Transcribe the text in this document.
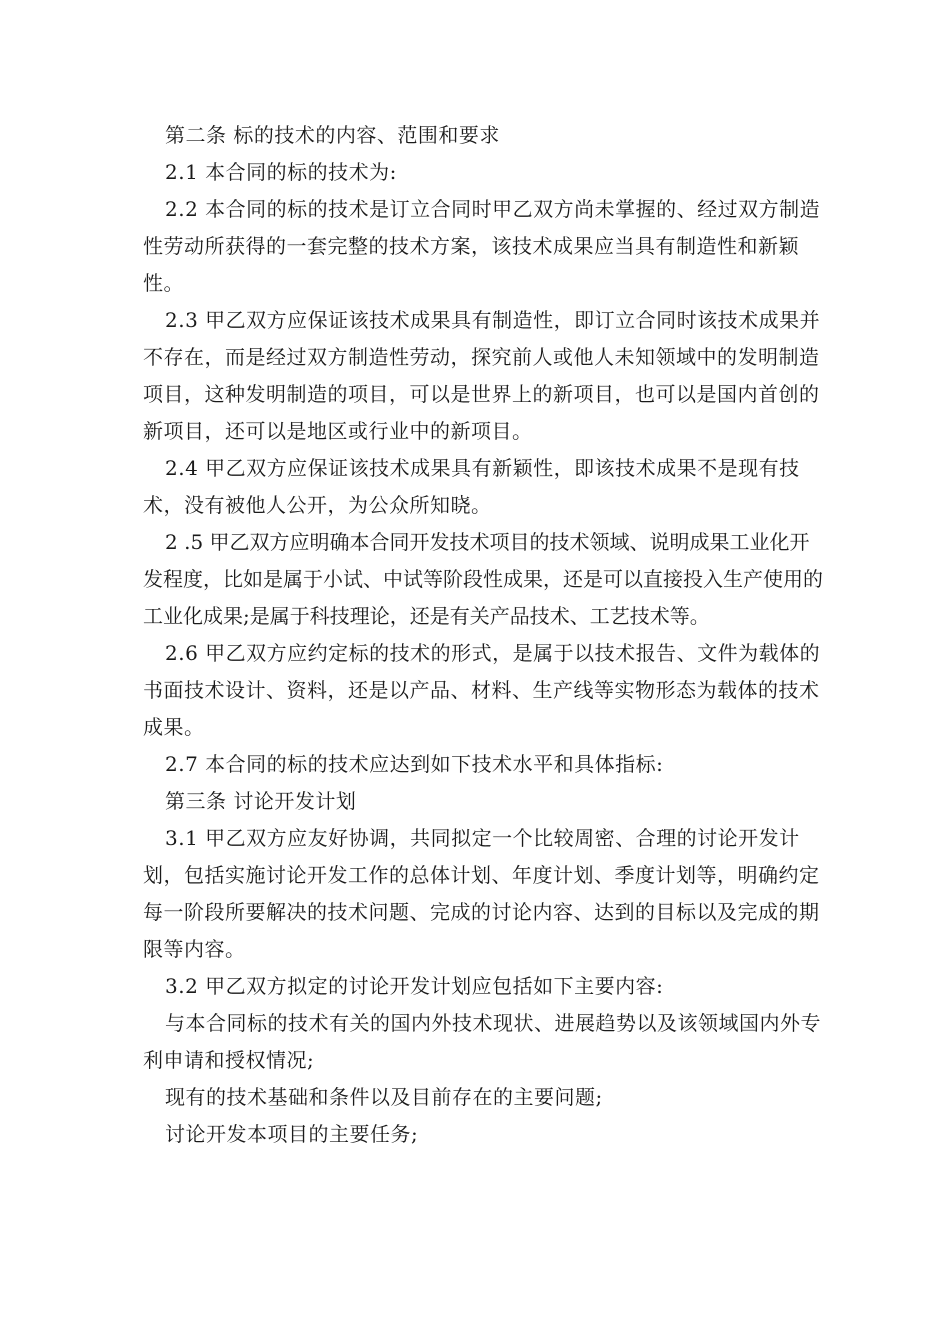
第二条 标的技术的内容、范围和要求

2.1 本合同的标的技术为:

2.2 本合同的标的技术是订立合同时甲乙双方尚未掌握的、经过双方制造性劳动所获得的一套完整的技术方案，该技术成果应当具有制造性和新颖性。

2.3 甲乙双方应保证该技术成果具有制造性，即订立合同时该技术成果并不存在，而是经过双方制造性劳动，探究前人或他人未知领域中的发明制造项目，这种发明制造的项目，可以是世界上的新项目，也可以是国内首创的新项目，还可以是地区或行业中的新项目。

2.4 甲乙双方应保证该技术成果具有新颖性，即该技术成果不是现有技术，没有被他人公开，为公众所知晓。

2 .5 甲乙双方应明确本合同开发技术项目的技术领域、说明成果工业化开发程度，比如是属于小试、中试等阶段性成果，还是可以直接投入生产使用的工业化成果;是属于科技理论，还是有关产品技术、工艺技术等。

2.6 甲乙双方应约定标的技术的形式，是属于以技术报告、文件为载体的书面技术设计、资料，还是以产品、材料、生产线等实物形态为载体的技术成果。

2.7 本合同的标的技术应达到如下技术水平和具体指标:

第三条 讨论开发计划

3.1 甲乙双方应友好协调，共同拟定一个比较周密、合理的讨论开发计划，包括实施讨论开发工作的总体计划、年度计划、季度计划等，明确约定每一阶段所要解决的技术问题、完成的讨论内容、达到的目标以及完成的期限等内容。

3.2 甲乙双方拟定的讨论开发计划应包括如下主要内容:

与本合同标的技术有关的国内外技术现状、进展趋势以及该领域国内外专利申请和授权情况;

现有的技术基础和条件以及目前存在的主要问题;

讨论开发本项目的主要任务;
